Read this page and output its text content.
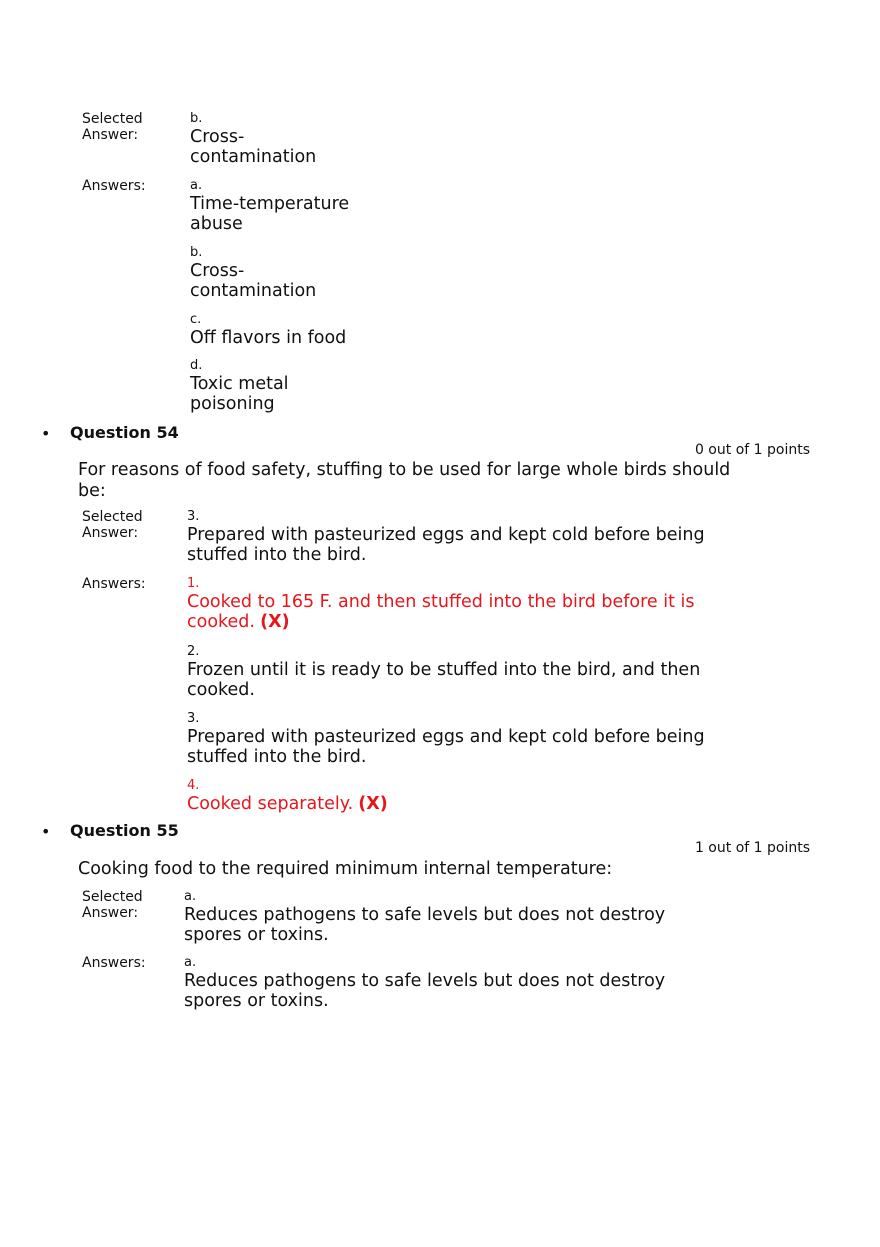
Selected Answer:
b.
Cross-contamination
Answers:	a.
Time-temperature abuse
b.
Cross-contamination
c.
Off flavors in food
d.
Toxic metal poisoning
• Question 54
0 out of 1 points
For reasons of food safety, stufﬁng to be used for large whole birds should be:
Selected Answer:
3.
Prepared with pasteurized eggs and kept cold before being stuffed into the bird.
Answers:	1.
Cooked to 165 F. and then stuffed into the bird before it is cooked. (X)
2.
Frozen until it is ready to be stuffed into the bird, and then cooked.
3.
Prepared with pasteurized eggs and kept cold before being stuffed into the bird.
4.
Cooked separately. (X)
• Question 55
1 out of 1 points
Cooking food to the required minimum internal temperature:
Selected Answer:
a.
Reduces pathogens to safe levels but does not destroy spores or toxins.
Answers:	a.
Reduces pathogens to safe levels but does not destroy spores or toxins.
